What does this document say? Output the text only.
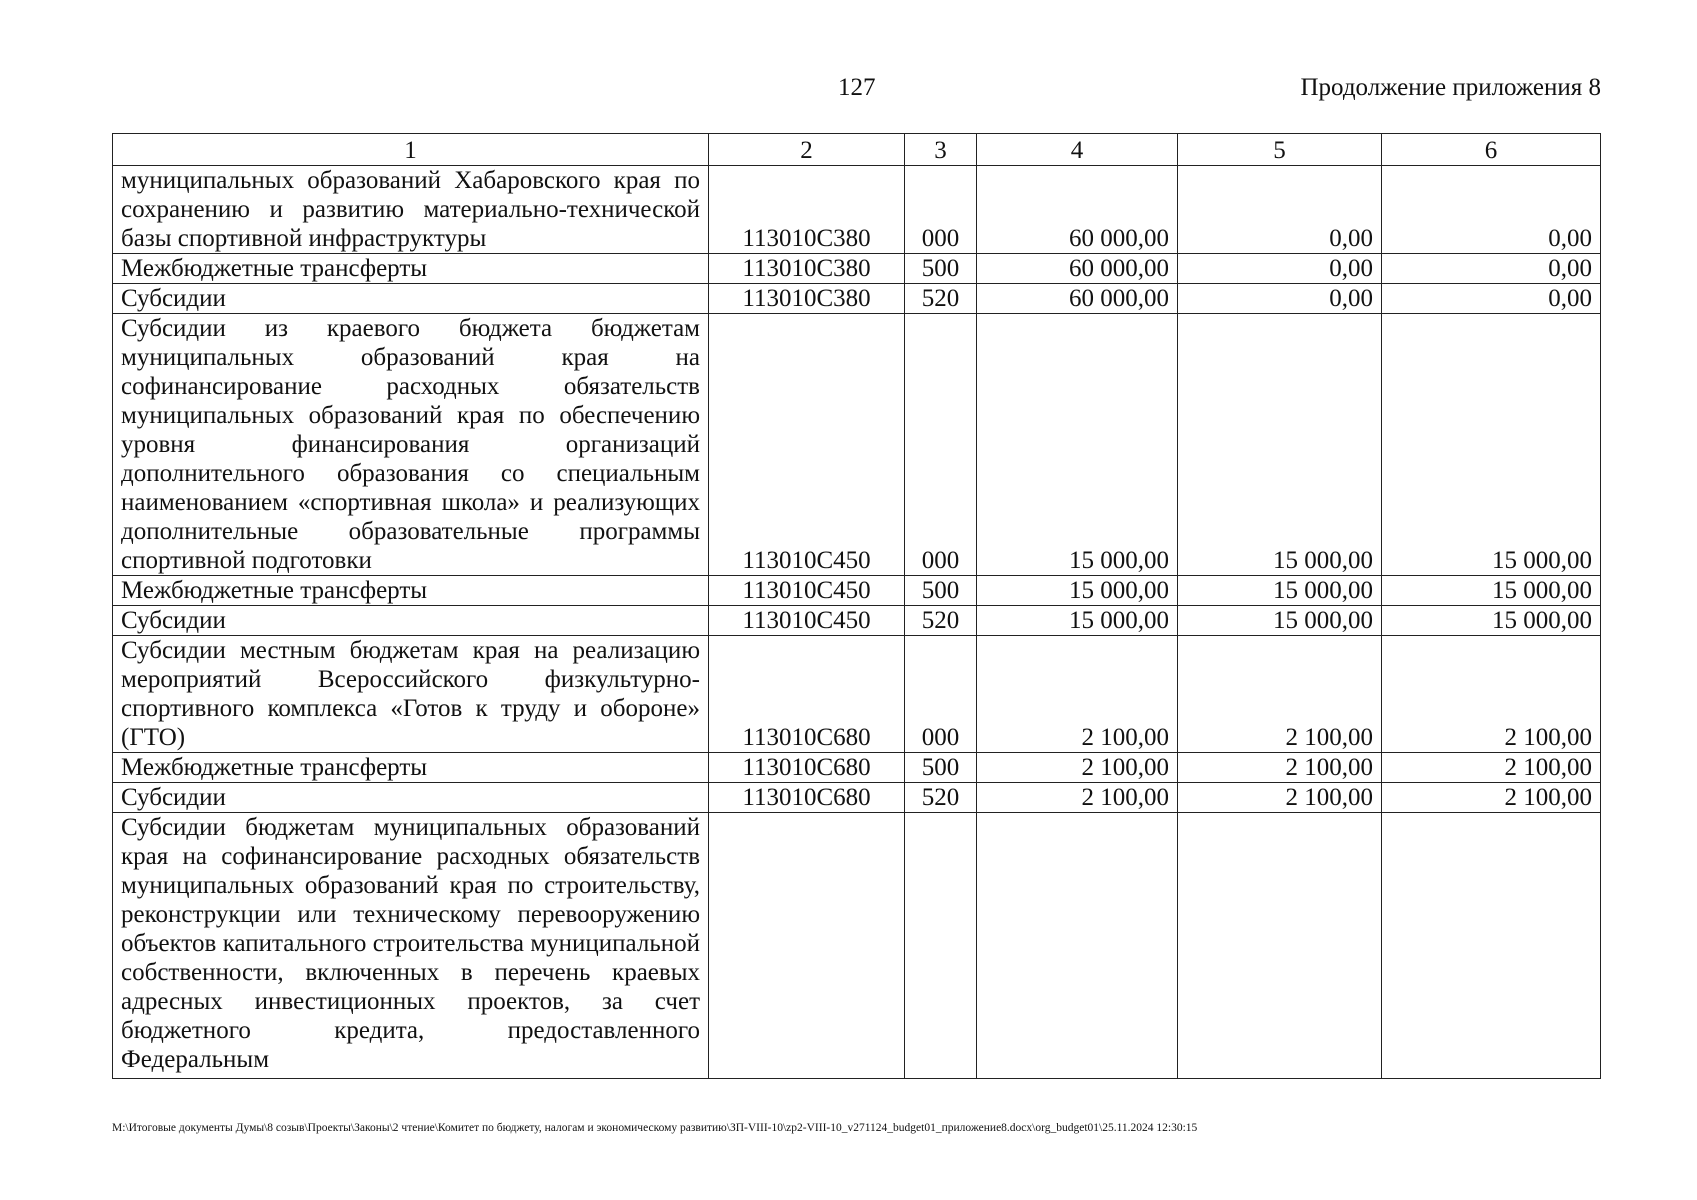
127	Продолжение приложения 8
1	2	3	4	5	6
муниципальных образований Хабаровского края по сохранению и развитию материально-технической базы спортивной инфраструктуры	113010С380	000	60 000,00	0,00	0,00
Межбюджетные трансферты	113010С380	500	60 000,00	0,00	0,00
Субсидии	113010С380	520	60 000,00	0,00	0,00
Субсидии из краевого бюджета бюджетам муниципальных образований края на софинансирование расходных обязательств муниципальных образований края по обеспечению уровня финансирования организаций дополнительного образования со специальным наименованием «спортивная школа» и реализующих дополнительные образовательные программы спортивной подготовки	113010С450	000	15 000,00	15 000,00	15 000,00
Межбюджетные трансферты	113010С450	500	15 000,00	15 000,00	15 000,00
Субсидии	113010С450	520	15 000,00	15 000,00	15 000,00
Субсидии местным бюджетам края на реализацию мероприятий Всероссийского физкультурно-спортивного комплекса «Готов к труду и обороне» (ГТО)	113010С680	000	2 100,00	2 100,00	2 100,00
Межбюджетные трансферты	113010С680	500	2 100,00	2 100,00	2 100,00
Субсидии	113010С680	520	2 100,00	2 100,00	2 100,00
Субсидии бюджетам муниципальных образований края на софинансирование расходных обязательств муниципальных образований края по строительству, реконструкции или техническому перевооружению объектов капитального строительства муниципальной собственности, включенных в перечень краевых адресных инвестиционных проектов, за счет бюджетного кредита, предоставленного Федеральным					
M:\Итоговые документы Думы\8 созыв\Проекты\Законы\2 чтение\Комитет по бюджету, налогам и экономическому развитию\ЗП-VIII-10\zp2-VIII-10_v271124_budget01_приложение8.docx\org_budget01\25.11.2024 12:30:15
